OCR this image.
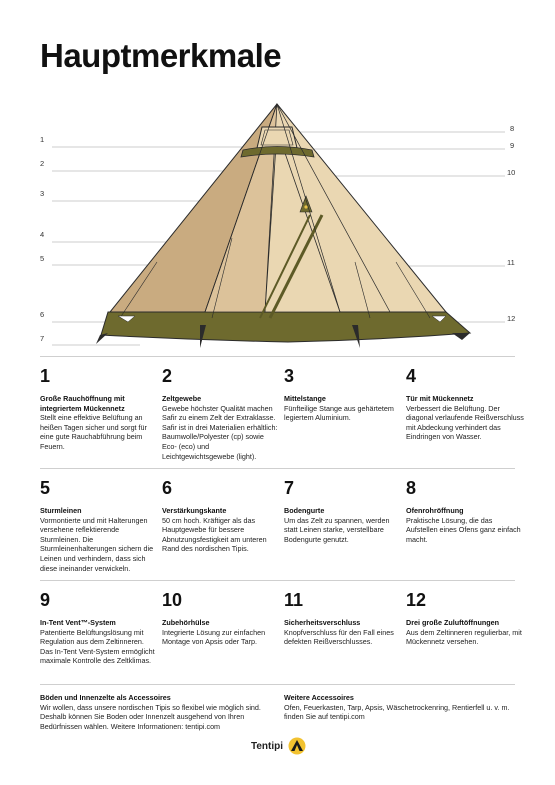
Hauptmerkmale
1
2
3
4
5
6
7
8
9
10
11
12
1
Große Rauchöffnung mit integriertem Mückennetz
Stellt eine effektive Belüftung an heißen Tagen sicher und sorgt für eine gute Rauchabführung beim Feuern.
2
Zeltgewebe
Gewebe höchster Qualität machen Safir zu einem Zelt der Extraklasse. Safir ist in drei Materialien erhältlich: Baumwolle/Polyester (cp) sowie Eco- (eco) und Leichtgewichtsgewebe (light).
3
Mittelstange
Fünfteilige Stange aus gehärtetem legiertem Aluminium.
4
Tür mit Mückennetz
Verbessert die Belüftung. Der diagonal verlaufende Reißverschluss mit Abdeckung verhindert das Eindringen von Wasser.
5
Sturmleinen
Vormontierte und mit Halterungen versehene reflektierende Sturmleinen. Die Sturmleinenhalterungen sichern die Leinen und verhindern, dass sich diese ineinander verwickeln.
6
Verstärkungskante
50 cm hoch. Kräftiger als das Hauptgewebe für bessere Abnutzungsfestigkeit am unteren Rand des nordischen Tipis.
7
Bodengurte
Um das Zelt zu spannen, werden statt Leinen starke, verstellbare Bodengurte genutzt.
8
Ofenrohröffnung
Praktische Lösung, die das Aufstellen eines Ofens ganz einfach macht.
9
In-Tent Vent™-System
Patentierte Belüftungslösung mit Regulation aus dem Zeltinneren. Das In-Tent Vent-System ermöglicht maximale Kontrolle des Zeltklimas.
10
Zubehörhülse
Integrierte Lösung zur einfachen Montage von Apsis oder Tarp.
11
Sicherheitsverschluss
Knopfverschluss für den Fall eines defekten Reißverschlusses.
12
Drei große Zuluftöffnungen
Aus dem Zeltinneren regulierbar, mit Mückennetz versehen.
Böden und Innenzelte als Accessoires
Wir wollen, dass unsere nordischen Tipis so flexibel wie möglich sind. Deshalb können Sie Boden oder Innenzelt ausgehend von Ihren Bedürfnissen wählen. Weitere Informationen: tentipi.com
Weitere Accessoires
Ofen, Feuerkasten, Tarp, Apsis, Wäschetrockenring, Rentierfell u. v. m. finden Sie auf tentipi.com
Tentipi
